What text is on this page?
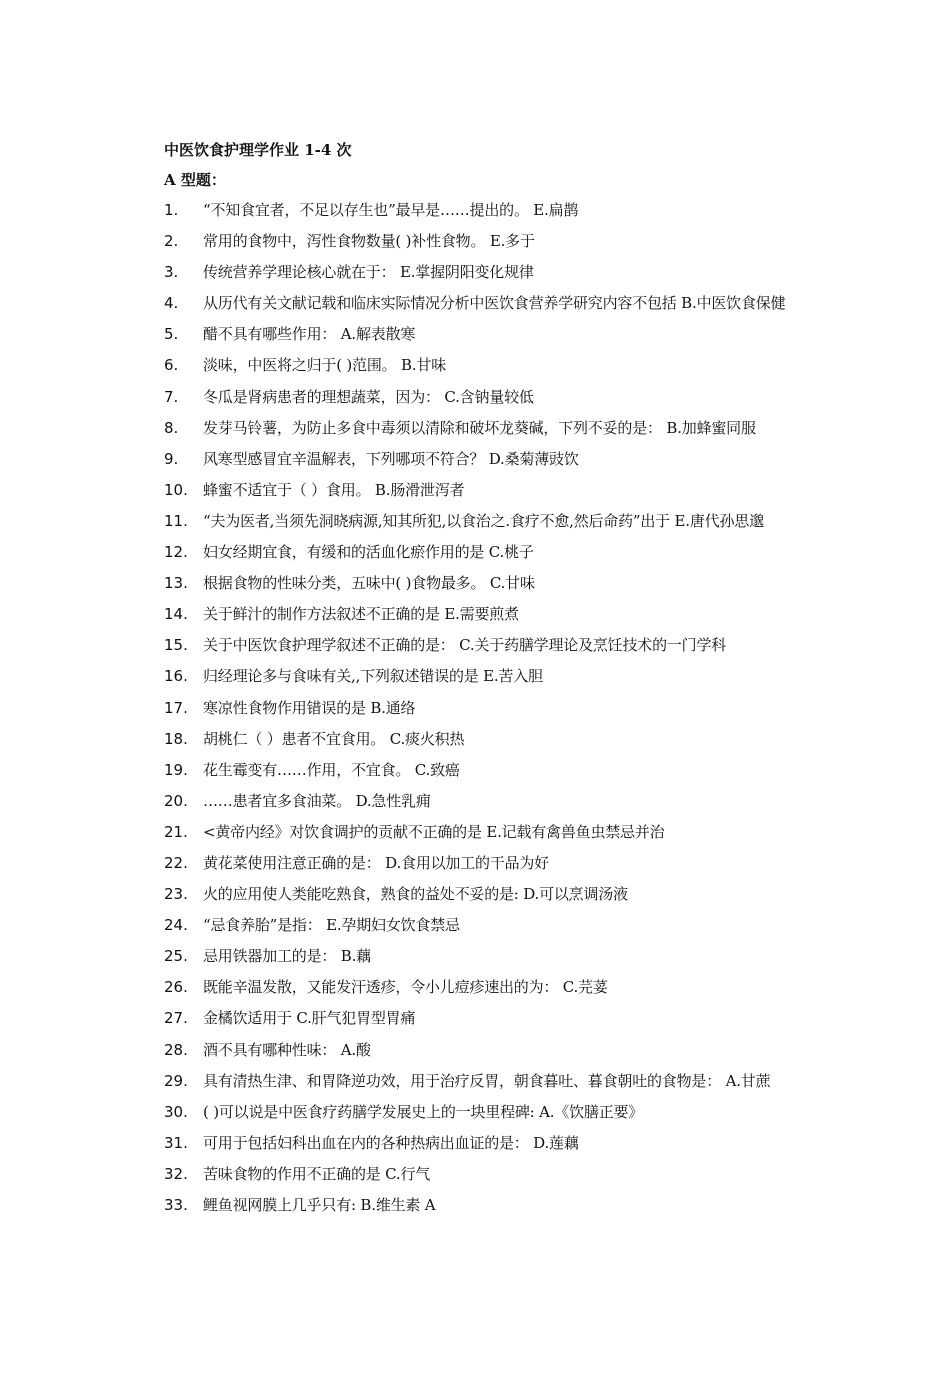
中医饮食护理学作业 1-4 次
A 型题：
1.	“不知食宜者，不足以存生也”最早是……提出的。 E.扁鹊
2.	常用的食物中，泻性食物数量( )补性食物。 E.多于
3.	传统营养学理论核心就在于： E.掌握阴阳变化规律
4.	从历代有关文献记载和临床实际情况分析中医饮食营养学研究内容不包括 B.中医饮食保健
5.	醋不具有哪些作用： A.解表散寒
6.	淡味，中医将之归于( )范围。 B.甘味
7.	冬瓜是肾病患者的理想蔬菜，因为： C.含钠量较低
8.	发芽马铃薯，为防止多食中毒须以清除和破坏龙葵碱，下列不妥的是： B.加蜂蜜同服
9.	风寒型感冒宜辛温解表，下列哪项不符合？ D.桑菊薄豉饮
10.	蜂蜜不适宜于（ ）食用。 B.肠滑泄泻者
11.	“夫为医者,当须先洞晓病源,知其所犯,以食治之.食疗不愈,然后命药”出于 E.唐代孙思邈
12.	妇女经期宜食，有缓和的活血化瘀作用的是 C.桃子
13.	根据食物的性味分类，五味中( )食物最多。 C.甘味
14.	关于鲜汁的制作方法叙述不正确的是 E.需要煎煮
15.	关于中医饮食护理学叙述不正确的是： C.关于药膳学理论及烹饪技术的一门学科
16.	归经理论多与食味有关,,下列叙述错误的是 E.苦入胆
17.	寒凉性食物作用错误的是 B.通络
18.	胡桃仁（ ）患者不宜食用。 C.痰火积热
19.	花生霉变有……作用，不宜食。 C.致癌
20.	……患者宜多食油菜。 D.急性乳痈
21.	<黄帝内经》对饮食调护的贡献不正确的是 E.记载有禽兽鱼虫禁忌并治
22.	黄花菜使用注意正确的是： D.食用以加工的干品为好
23.	火的应用使人类能吃熟食，熟食的益处不妥的是: D.可以烹调汤液
24.	“忌食养胎”是指： E.孕期妇女饮食禁忌
25.	忌用铁器加工的是： B.藕
26.	既能辛温发散，又能发汗透疹，令小儿痘疹速出的为： C.芫荽
27.	金橘饮适用于 C.肝气犯胃型胃痛
28.	酒不具有哪种性味： A.酸
29.	具有清热生津、和胃降逆功效，用于治疗反胃，朝食暮吐、暮食朝吐的食物是： A.甘蔗
30.	( )可以说是中医食疗药膳学发展史上的一块里程碑: A.《饮膳正要》
31.	可用于包括妇科出血在内的各种热病出血证的是： D.莲藕
32.	苦味食物的作用不正确的是 C.行气
33.	鲤鱼视网膜上几乎只有: B.维生素 A
